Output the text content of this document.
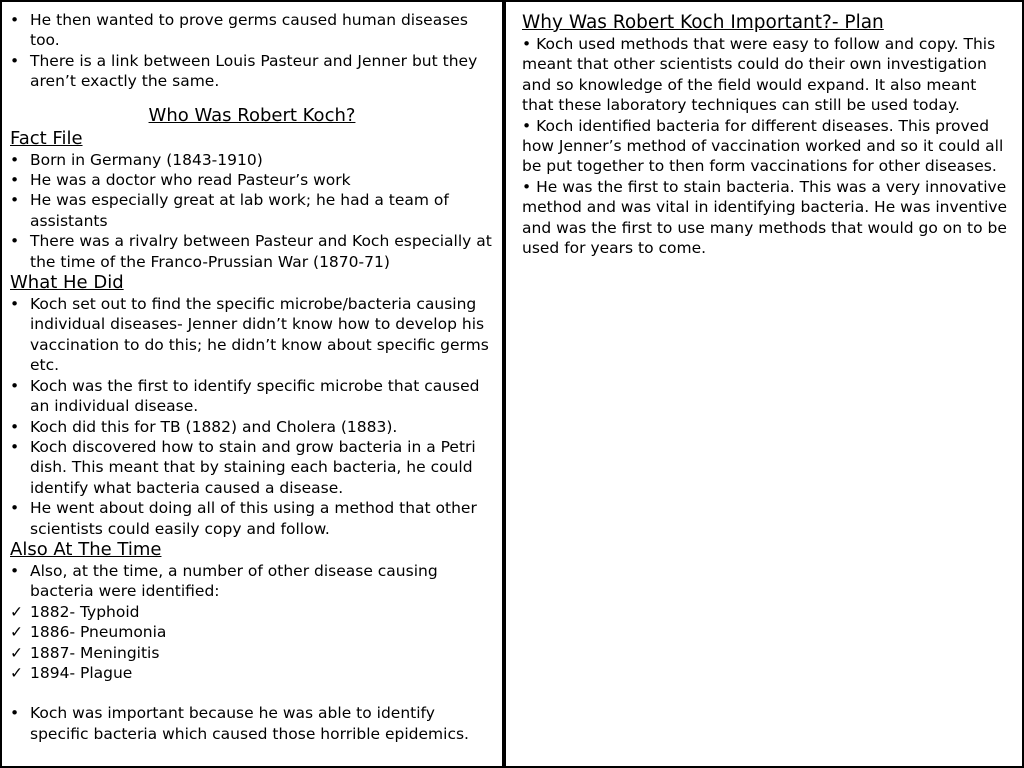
• He then wanted to prove germs caused human diseases too.
• There is a link between Louis Pasteur and Jenner but they aren’t exactly the same.
Who Was Robert Koch?
Fact File
• Born in Germany (1843-1910)
• He was a doctor who read Pasteur’s work
• He was especially great at lab work; he had a team of assistants
• There was a rivalry between Pasteur and Koch especially at the time of the Franco-Prussian War (1870-71)
What He Did
• Koch set out to find the specific microbe/bacteria causing individual diseases- Jenner didn’t know how to develop his vaccination to do this; he didn’t know about specific germs etc.
• Koch was the first to identify specific microbe that caused an individual disease.
• Koch did this for TB (1882) and Cholera (1883).
• Koch discovered how to stain and grow bacteria in a Petri dish. This meant that by staining each bacteria, he could identify what bacteria caused a disease.
• He went about doing all of this using a method that other scientists could easily copy and follow.
Also At The Time
• Also, at the time, a number of other disease causing bacteria were identified:
✓ 1882- Typhoid
✓ 1886- Pneumonia
✓ 1887- Meningitis
✓ 1894- Plague
• Koch was important because he was able to identify specific bacteria which caused those horrible epidemics.
Why Was Robert Koch Important?- Plan

• Koch used methods that were easy to follow and copy. This meant that other scientists could do their own investigation and so knowledge of the field would expand. It also meant that these laboratory techniques can still be used today.

• Koch identified bacteria for different diseases. This proved how Jenner’s method of vaccination worked and so it could all be put together to then form vaccinations for other diseases.

• He was the first to stain bacteria. This was a very innovative method and was vital in identifying bacteria. He was inventive and was the first to use many methods that would go on to be used for years to come.
